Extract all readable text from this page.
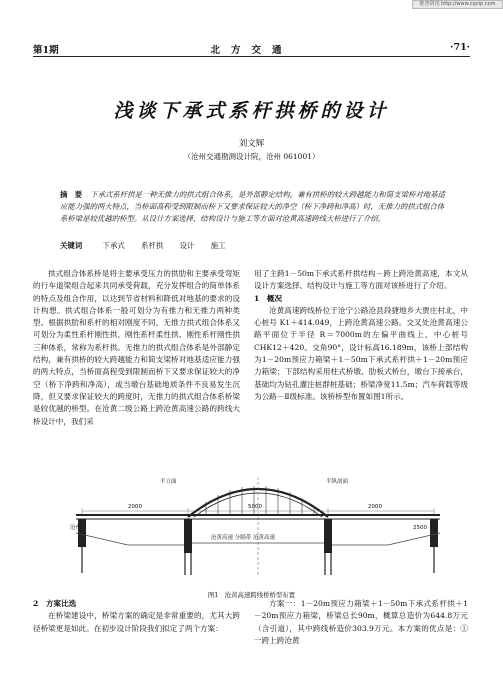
维普资讯 http://www.cqvip.com
第1期	北方交通	·71·
浅谈下承式系杆拱桥的设计
刘文辉
（沧州交通勘测设计院，沧州 061001）
摘　要 下承式系杆拱是一种无推力的拱式组合体系，是外部静定结构，兼有拱桥的较大跨越能力和简支梁桥对地基适应能力强的两大特点，当桥面高程受到限制而桥下又要求保证较大的净空（桥下净跨和净高）时，无推力的拱式组合体系桥梁是较优越的桥型。从设计方案选择、结构设计与施工等方面对沧黄高速跨线大桥进行了介绍。
关键词	下承式 系杆拱 设计 施工
拱式组合体系桥是将主要承受压力的拱肋和主要承受弯矩的行车道梁组合起来共同承受荷载，充分发挥组合的简单体系的特点及组合作用，以达到节省材料和降低对地基的要求的设计构想。拱式组合体系一般可划分为有推力和无推力两种类型。根据拱肋和系杆的相对刚度不同，无推力拱式组合体系又可划分为柔性系杆刚性拱、刚性系杆柔性拱、刚性系杆刚性拱三种体系，常称为系杆拱。无推力的拱式组合体系是外部静定结构，兼有拱桥的较大跨越能力和简支梁桥对地基适应能力强的两大特点，当桥面高程受到限制而桥下又要求保证较大的净空（桥下净跨和净高），或当墩台基础地质条件不良易发生沉降，但又要求保证较大的跨度时，无推力的拱式组合体系桥梁是较优越的桥型。在沧黄二级公路上跨沧黄高速公路的跨线大桥设计中，我们采

用了主跨1－50m下承式系杆拱结构－跨上跨沧黄高速，本文从设计方案选择、结构设计与施工等方面对该桥进行了介绍。

1　概况

沧黄高速跨线桥位于沧宁公路沧县段捷地乡大贾庄村北，中心桩号 K1＋414.049，上跨沧黄高速公路。交叉处沧黄高速公路平面位于半径 R＝7000m的左偏平曲线上，中心桩号 CHK12＋420。交角90°，设计标高16.189m，该桥上部结构为1－20m预应力箱梁＋1－50m下承式系杆拱＋1－20m预应力箱梁；下部结构采用柱式桥墩、肋板式桥台，墩台下接承台，基础均为钻孔灌注桩群桩基础；桥梁净宽11.5m；汽车荷载等级为公路－Ⅱ级标准。该桥桥型布置如图1所示。

2000	5000	2000
2500
半立面	半纵剖面
沧州
沧黄高速 分隔带 沧黄高速
图1　沧黄高速跨线桥桥型布置

2　方案比选

在桥梁建设中，桥梁方案的确定是非常重要的，尤其大跨径桥梁更是如此。在初步设计阶段我们拟定了两个方案：

方案一：1－20m预应力箱梁＋1－50m下承式系杆拱＋1－20m预应力箱梁，桥梁总长90m，概算总造价为644.8万元（含引道），其中跨线桥造价303.9万元。本方案的优点是：①一跨上跨沧黄
